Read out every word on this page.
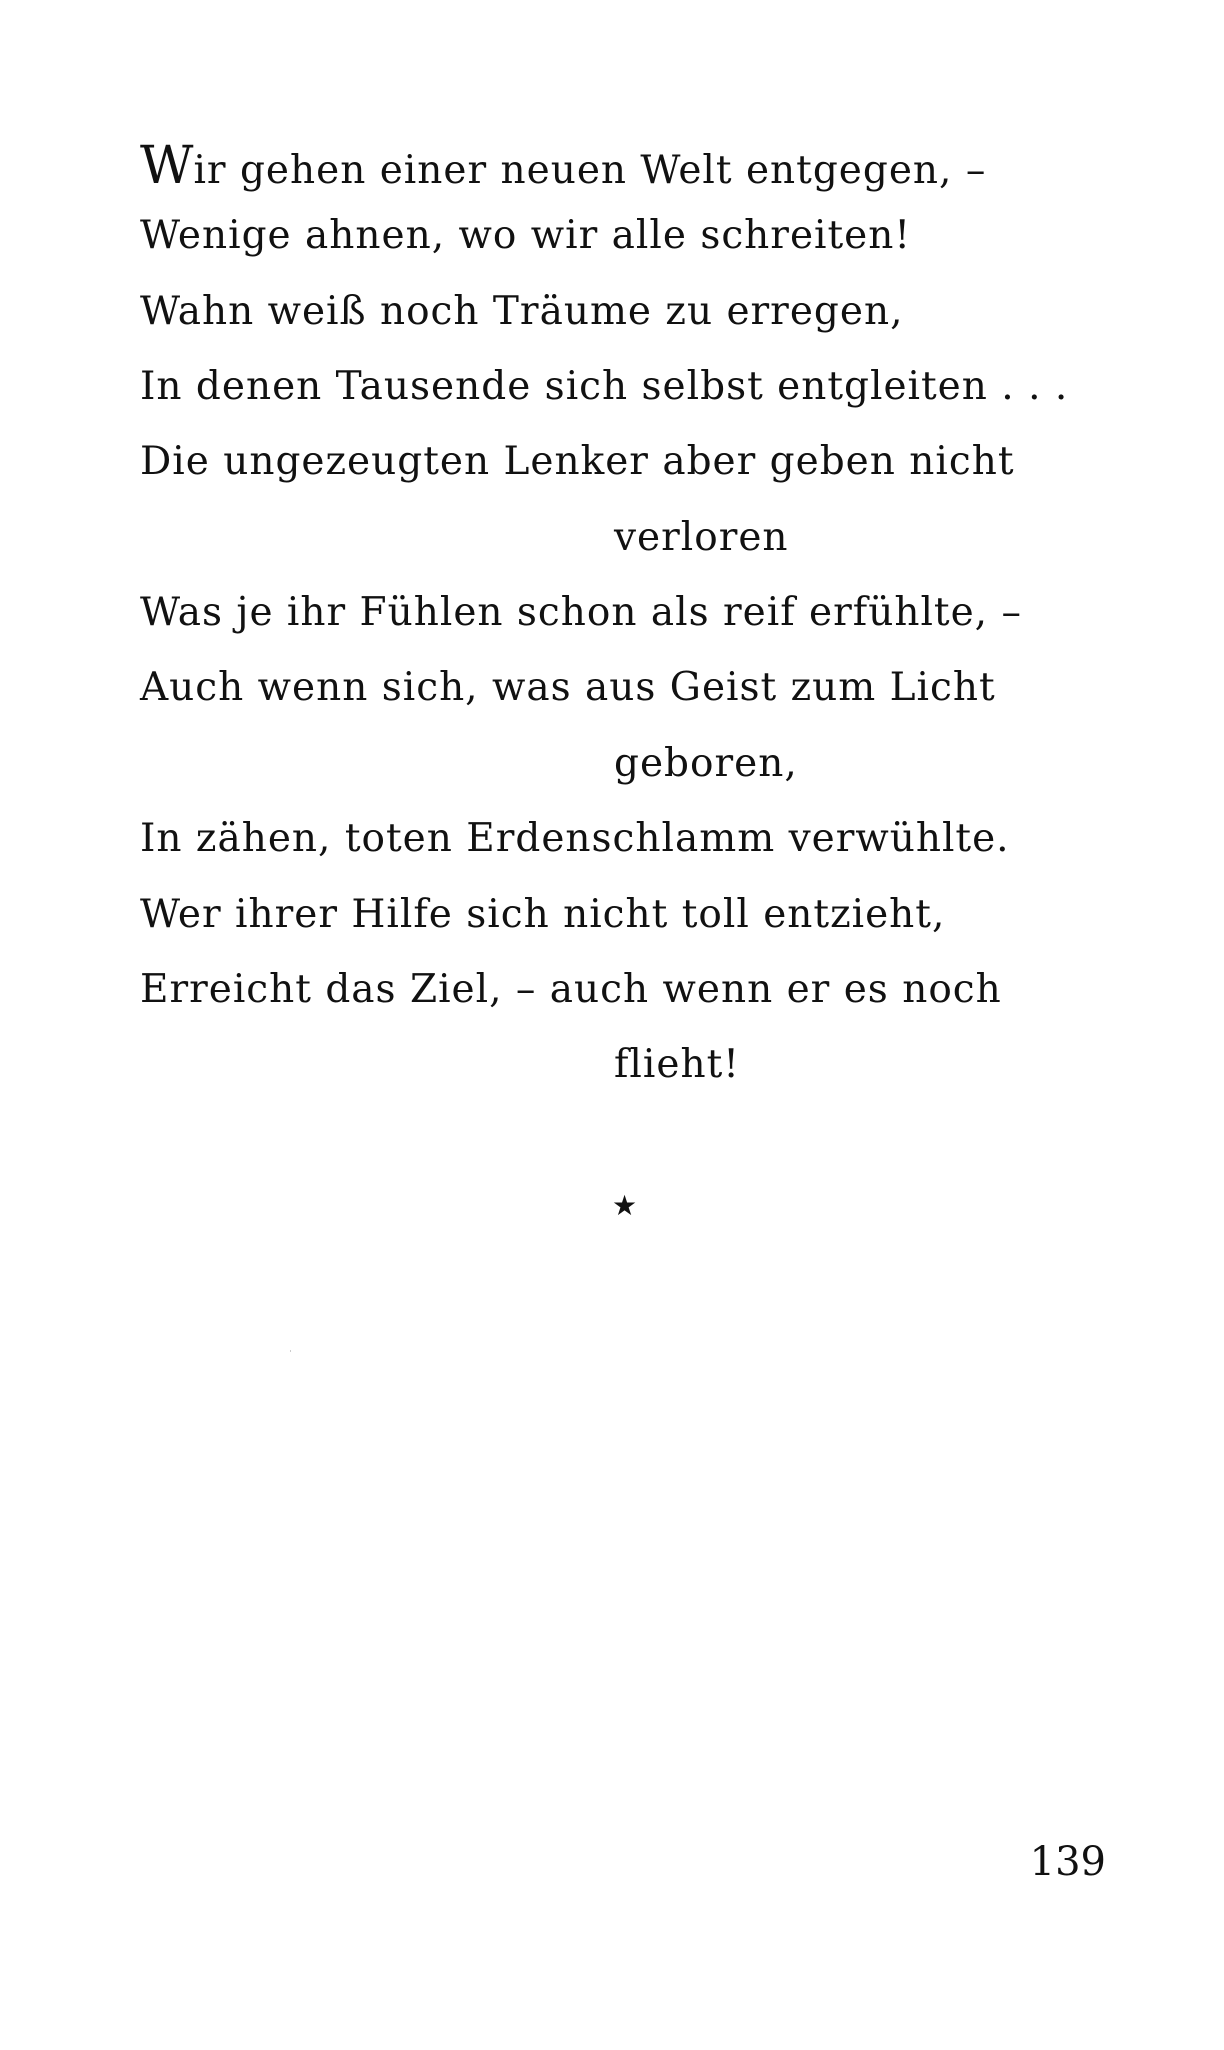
Wir gehen einer neuen Welt entgegen, –
Wenige ahnen, wo wir alle schreiten!
Wahn weiß noch Träume zu erregen,
In denen Tausende sich selbst entgleiten . . .
Die ungezeugten Lenker aber geben nicht
verloren
Was je ihr Fühlen schon als reif erfühlte, –
Auch wenn sich, was aus Geist zum Licht
geboren,
In zähen, toten Erdenschlamm verwühlte.
Wer ihrer Hilfe sich nicht toll entzieht,
Erreicht das Ziel, – auch wenn er es noch
flieht!
★
139
